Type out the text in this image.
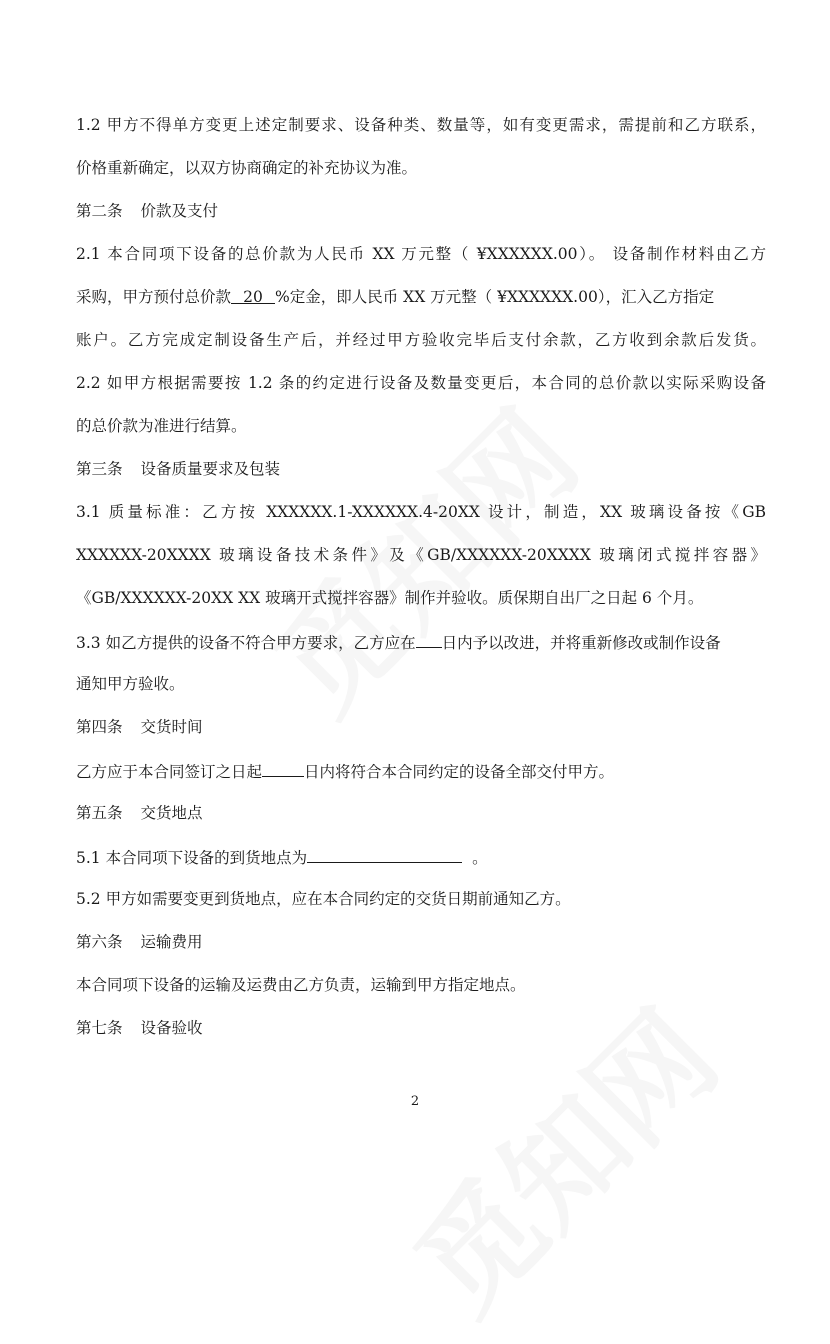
1.2 甲方不得单方变更上述定制要求、设备种类、数量等，如有变更需求，需提前和乙方联系，
价格重新确定，以双方协商确定的补充协议为准。
第二条 价款及支付
2.1 本合同项下设备的总价款为人民币 XX 万元整（ ¥XXXXXX.00）。 设备制作材料由乙方
采购，甲方预付总价款 20 %定金，即人民币 XX 万元整（ ¥XXXXXX.00），汇入乙方指定
账户。乙方完成定制设备生产后，并经过甲方验收完毕后支付余款，乙方收到余款后发货。
2.2 如甲方根据需要按 1.2 条的约定进行设备及数量变更后，本合同的总价款以实际采购设备
的总价款为准进行结算。
第三条 设备质量要求及包装
3.1 质量标准：乙方按 XXXXXX.1-XXXXXX.4-20XX 设计，制造，XX 玻璃设备按《GB
XXXXXX-20XXXX 玻璃设备技术条件》及《GB/XXXXXX-20XXXX 玻璃闭式搅拌容器》
《GB/XXXXXX-20XX XX 玻璃开式搅拌容器》制作并验收。质保期自出厂之日起 6 个月。
3.3 如乙方提供的设备不符合甲方要求，乙方应在 日内予以改进，并将重新修改或制作设备
通知甲方验收。
第四条 交货时间
乙方应于本合同签订之日起	日内将符合本合同约定的设备全部交付甲方。
第五条 交货地点
5.1 本合同项下设备的到货地点为	。
5.2 甲方如需要变更到货地点，应在本合同约定的交货日期前通知乙方。
第六条 运输费用
本合同项下设备的运输及运费由乙方负责，运输到甲方指定地点。
第七条 设备验收
2
